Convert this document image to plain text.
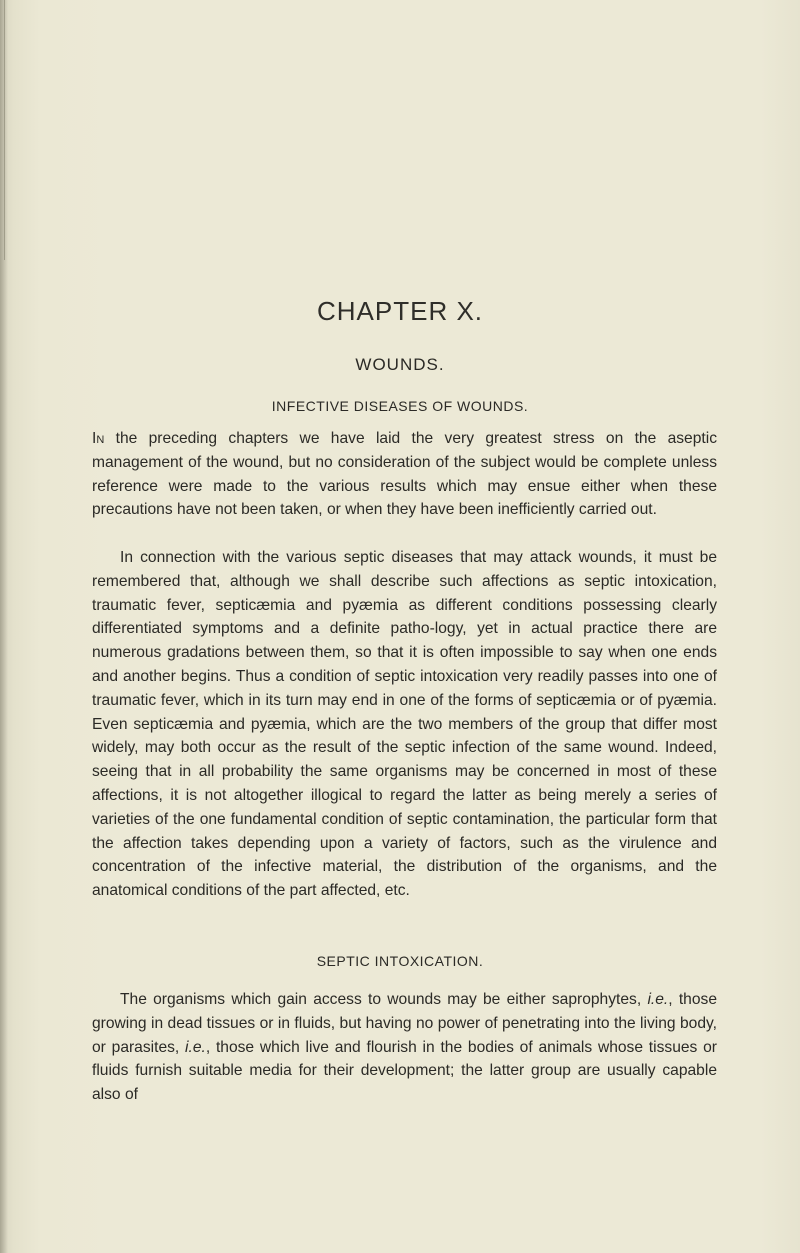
CHAPTER X.
WOUNDS.
INFECTIVE DISEASES OF WOUNDS.

In the preceding chapters we have laid the very greatest stress on the aseptic management of the wound, but no consideration of the subject would be complete unless reference were made to the various results which may ensue either when these precautions have not been taken, or when they have been inefficiently carried out.

In connection with the various septic diseases that may attack wounds, it must be remembered that, although we shall describe such affections as septic intoxication, traumatic fever, septicæmia and pyæmia as different conditions possessing clearly differentiated symptoms and a definite patho-logy, yet in actual practice there are numerous gradations between them, so that it is often impossible to say when one ends and another begins. Thus a condition of septic intoxication very readily passes into one of traumatic fever, which in its turn may end in one of the forms of septicæmia or of pyæmia. Even septicæmia and pyæmia, which are the two members of the group that differ most widely, may both occur as the result of the septic infection of the same wound. Indeed, seeing that in all probability the same organisms may be concerned in most of these affections, it is not altogether illogical to regard the latter as being merely a series of varieties of the one fundamental condition of septic contamination, the particular form that the affection takes depending upon a variety of factors, such as the virulence and concentration of the infective material, the distribution of the organisms, and the anatomical conditions of the part affected, etc.

SEPTIC INTOXICATION.

The organisms which gain access to wounds may be either saprophytes, i.e., those growing in dead tissues or in fluids, but having no power of penetrating into the living body, or parasites, i.e., those which live and flourish in the bodies of animals whose tissues or fluids furnish suitable media for their development; the latter group are usually capable also of
